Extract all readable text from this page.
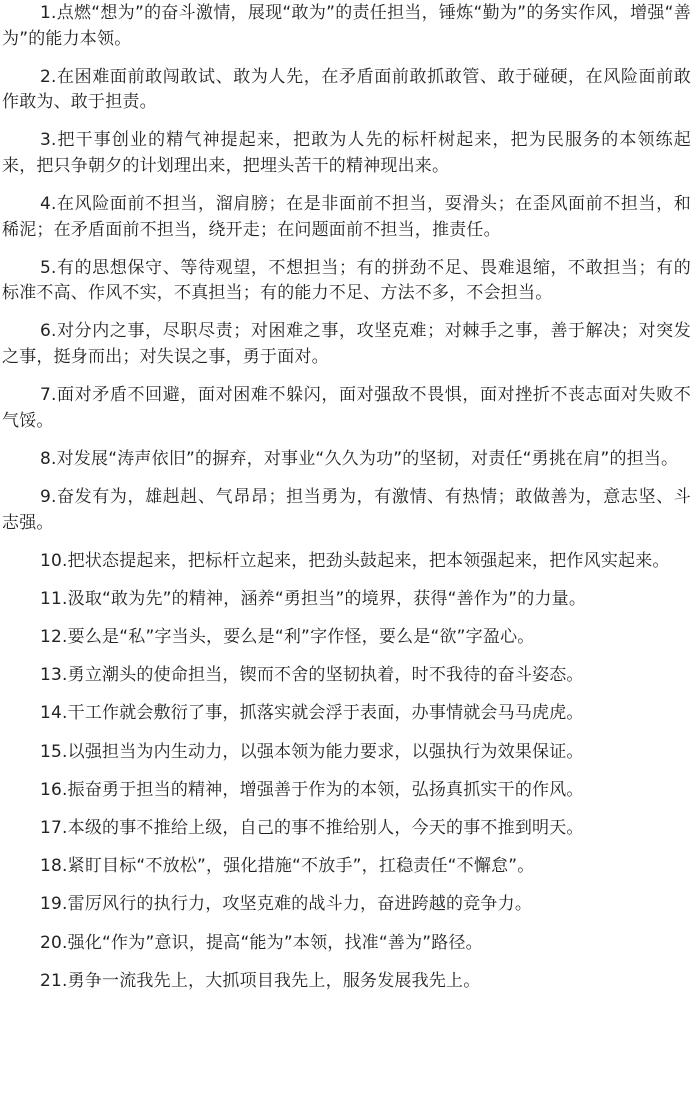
1.点燃“想为”的奋斗激情，展现“敢为”的责任担当，锤炼“勤为”的务实作风，增强“善为”的能力本领。

2.在困难面前敢闯敢试、敢为人先，在矛盾面前敢抓敢管、敢于碰硬，在风险面前敢作敢为、敢于担责。

3.把干事创业的精气神提起来，把敢为人先的标杆树起来，把为民服务的本领练起来，把只争朝夕的计划理出来，把埋头苦干的精神现出来。

4.在风险面前不担当，溜肩膀；在是非面前不担当，耍滑头；在歪风面前不担当，和稀泥；在矛盾面前不担当，绕开走；在问题面前不担当，推责任。

5.有的思想保守、等待观望，不想担当；有的拼劲不足、畏难退缩，不敢担当；有的标准不高、作风不实，不真担当；有的能力不足、方法不多，不会担当。

6.对分内之事，尽职尽责；对困难之事，攻坚克难；对棘手之事，善于解决；对突发之事，挺身而出；对失误之事，勇于面对。

7.面对矛盾不回避，面对困难不躲闪，面对强敌不畏惧，面对挫折不丧志面对失败不气馁。

8.对发展“涛声依旧”的摒弃，对事业“久久为功”的坚韧，对责任“勇挑在肩”的担当。

9.奋发有为，雄赳赳、气昂昂；担当勇为，有激情、有热情；敢做善为，意志坚、斗志强。

10.把状态提起来，把标杆立起来，把劲头鼓起来，把本领强起来，把作风实起来。

11.汲取“敢为先”的精神，涵养“勇担当”的境界，获得“善作为”的力量。

12.要么是“私”字当头，要么是“利”字作怪，要么是“欲”字盈心。

13.勇立潮头的使命担当，锲而不舍的坚韧执着，时不我待的奋斗姿态。

14.干工作就会敷衍了事，抓落实就会浮于表面，办事情就会马马虎虎。

15.以强担当为内生动力，以强本领为能力要求，以强执行为效果保证。

16.振奋勇于担当的精神，增强善于作为的本领，弘扬真抓实干的作风。

17.本级的事不推给上级，自己的事不推给别人，今天的事不推到明天。

18.紧盯目标“不放松”，强化措施“不放手”，扛稳责任“不懈怠”。

19.雷厉风行的执行力，攻坚克难的战斗力，奋进跨越的竞争力。

20.强化“作为”意识，提高“能为”本领，找准“善为”路径。

21.勇争一流我先上，大抓项目我先上，服务发展我先上。
